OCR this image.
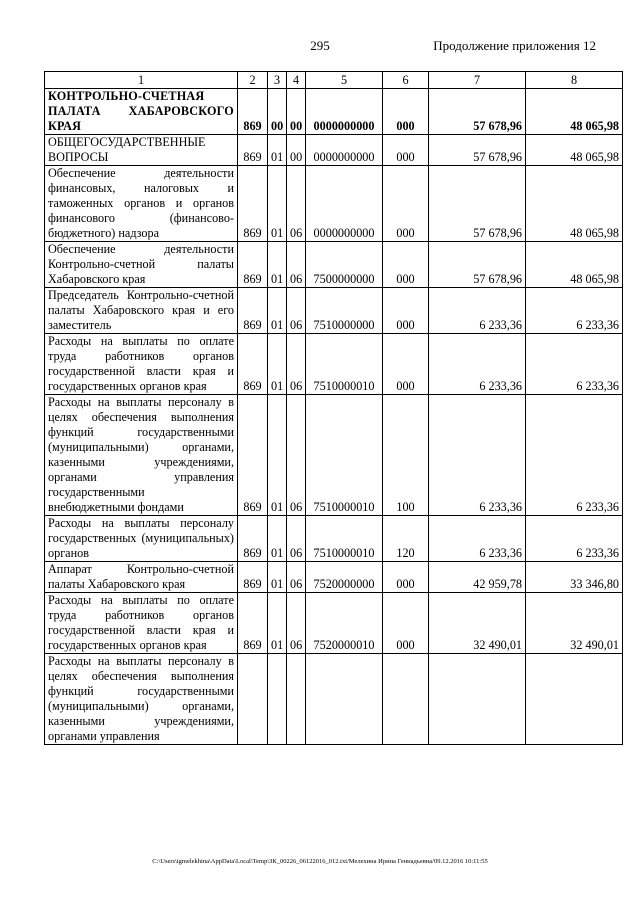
295	Продолжение приложения 12
1	2	3	4	5	6	7	8
КОНТРОЛЬНО-СЧЕТНАЯ ПАЛАТА ХАБАРОВСКОГО КРАЯ	869	00	00	0000000000	000	57 678,96	48 065,98
ОБЩЕГОСУДАРСТВЕННЫЕ ВОПРОСЫ	869	01	00	0000000000	000	57 678,96	48 065,98
Обеспечение деятельности финансовых, налоговых и таможенных органов и органов финансового (финансово-бюджетного) надзора	869	01	06	0000000000	000	57 678,96	48 065,98
Обеспечение деятельности Контрольно-счетной палаты Хабаровского края	869	01	06	7500000000	000	57 678,96	48 065,98
Председатель Контрольно-счетной палаты Хабаровского края и его заместитель	869	01	06	7510000000	000	6 233,36	6 233,36
Расходы на выплаты по оплате труда работников органов государственной власти края и государственных органов края	869	01	06	7510000010	000	6 233,36	6 233,36
Расходы на выплаты персоналу в целях обеспечения выполнения функций государственными (муниципальными) органами, казенными учреждениями, органами управления государственными внебюджетными фондами	869	01	06	7510000010	100	6 233,36	6 233,36
Расходы на выплаты персоналу государственных (муниципальных) органов	869	01	06	7510000010	120	6 233,36	6 233,36
Аппарат Контрольно-счетной палаты Хабаровского края	869	01	06	7520000000	000	42 959,78	33 346,80
Расходы на выплаты по оплате труда работников органов государственной власти края и государственных органов края	869	01	06	7520000010	000	32 490,01	32 490,01
Расходы на выплаты персоналу в целях обеспечения выполнения функций государственными (муниципальными) органами, казенными учреждениями, органами управления							
C:\Users\igmelekhina\AppData\Local\Temp\ЗК_00226_06122016_012.txt/Мелехина Ирина Геннадьевна/09.12.2016 10:11:55
